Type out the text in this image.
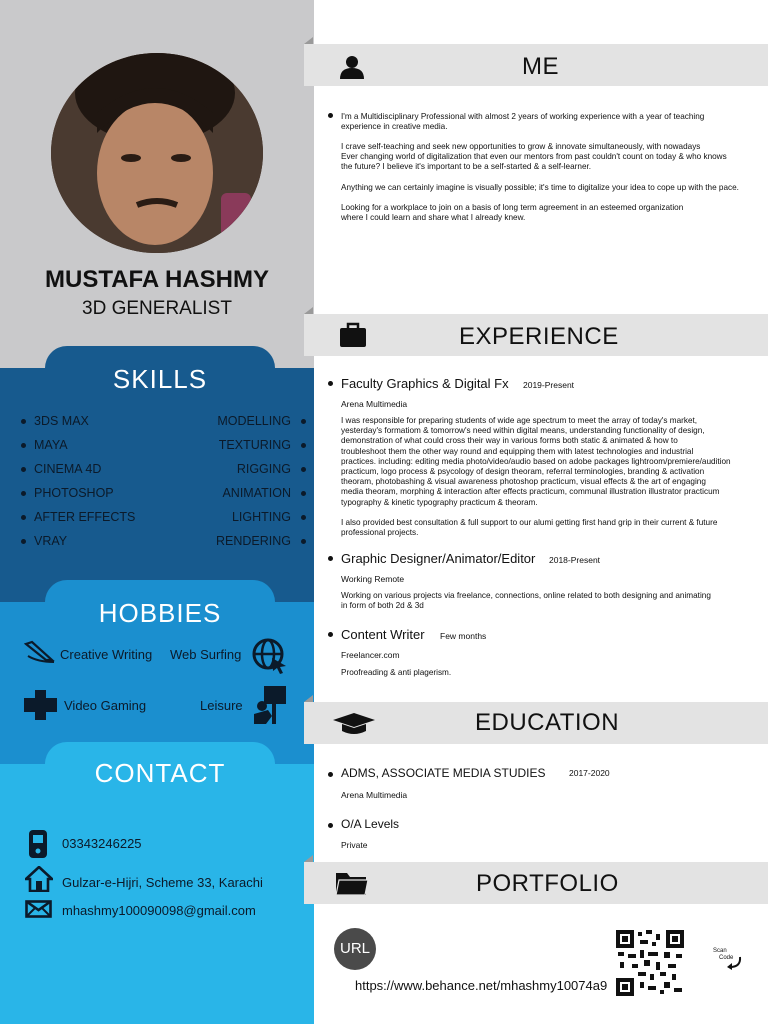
MUSTAFA HASHMY
3D GENERALIST
SKILLS
3DS MAX
MAYA
CINEMA 4D
PHOTOSHOP
AFTER EFFECTS
VRAY
MODELLING
TEXTURING
RIGGING
ANIMATION
LIGHTING
RENDERING
HOBBIES
Creative Writing Web Surfing
Video Gaming	Leisure
CONTACT
03343246225
Gulzar-e-Hijri, Scheme 33, Karachi
mhashmy100090098@gmail.com
ME
I'm a Multidisciplinary Professional with almost 2 years of working experience with a year of teaching
experience in creative media.
I crave self-teaching and seek new opportunities to grow & innovate simultaneously, with nowadays
Ever changing world of digitalization that even our mentors from past couldn't count on today & who knows
the future? I believe it's important to be a self-started & a self-learner.
Anything we can certainly imagine is visually possible; it's time to digitalize your idea to cope up with the pace.
Looking for a workplace to join on a basis of long term agreement in an esteemed organization
where I could learn and share what I already knew.
EXPERIENCE
Faculty Graphics & Digital Fx 2019-Present
Arena Multimedia
I was responsible for preparing students of wide age spectrum to meet the array of today's market,
yesterday's formatiom & tomorrow's need within digital means, understanding functionality of design,
demonstration of what could cross their way in various forms both static & animated & how to
troubleshoot them the other way round and equipping them with latest technologies and industrial
practices. including: editing media photo/video/audio based on adobe packages lightroom/premiere/audition
practicum, logo process & psycology of design theoram, referral terminologies, branding & activation
theoram, photobashing & visual awareness photoshop practicum, visual effects & the art of engaging
media theoram, morphing & interaction after effects practicum, communal illustration illustrator practicum
typography & kinetic typography practicum & theoram.
I also provided best consultation & full support to our alumi getting first hand grip in their current & future
professional projects.
Graphic Designer/Animator/Editor 2018-Present
Working Remote
Working on various projects via freelance, connections, online related to both designing and animating
in form of both 2d & 3d
Content Writer Few months
Freelancer.com
Proofreading & anti plagerism.
EDUCATION
ADMS, ASSOCIATE MEDIA STUDIES	2017-2020
Arena Multimedia
O/A Levels
Private
PORTFOLIO
URL
https://www.behance.net/mhashmy10074a9
Scan
Code
